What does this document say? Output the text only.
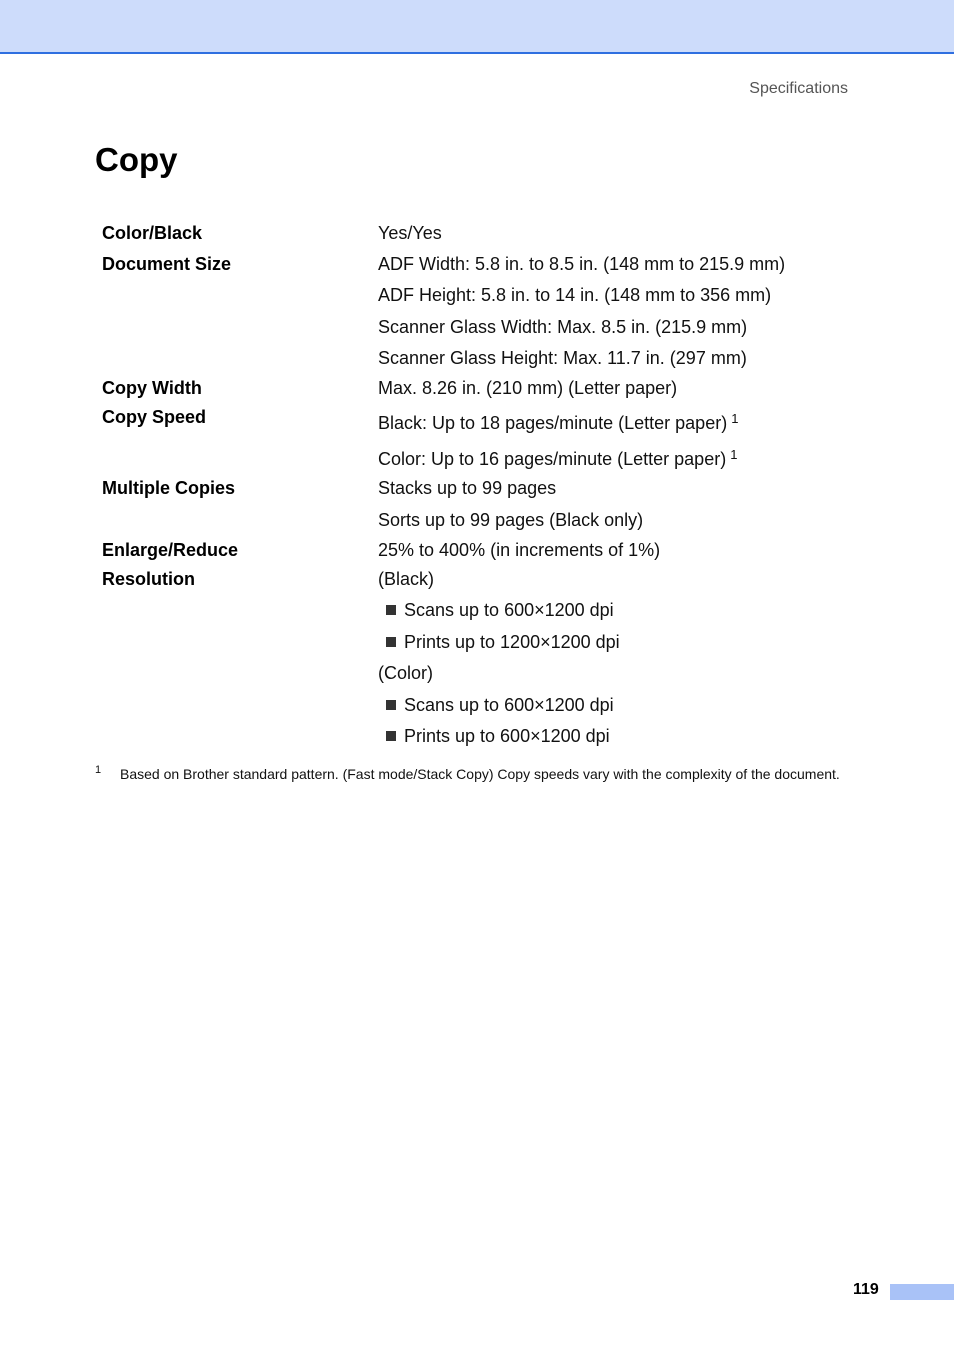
Specifications
Copy
Color/Black	Yes/Yes
Document Size	ADF Width: 5.8 in. to 8.5 in. (148 mm to 215.9 mm)
ADF Height: 5.8 in. to 14 in. (148 mm to 356 mm)
Scanner Glass Width: Max. 8.5 in. (215.9 mm)
Scanner Glass Height: Max. 11.7 in. (297 mm)
Copy Width	Max. 8.26 in. (210 mm) (Letter paper)
Copy Speed	Black: Up to 18 pages/minute (Letter paper) $^1$
Color: Up to 16 pages/minute (Letter paper) $^1$
Multiple Copies	Stacks up to 99 pages
Sorts up to 99 pages (Black only)
Enlarge/Reduce	25% to 400% (in increments of 1%)
Resolution	(Black)
Scans up to 600×1200 dpi
Prints up to 1200×1200 dpi
(Color)
Scans up to 600×1200 dpi
Prints up to 600×1200 dpi
1 Based on Brother standard pattern. (Fast mode/Stack Copy) Copy speeds vary with the complexity of the document.
119
